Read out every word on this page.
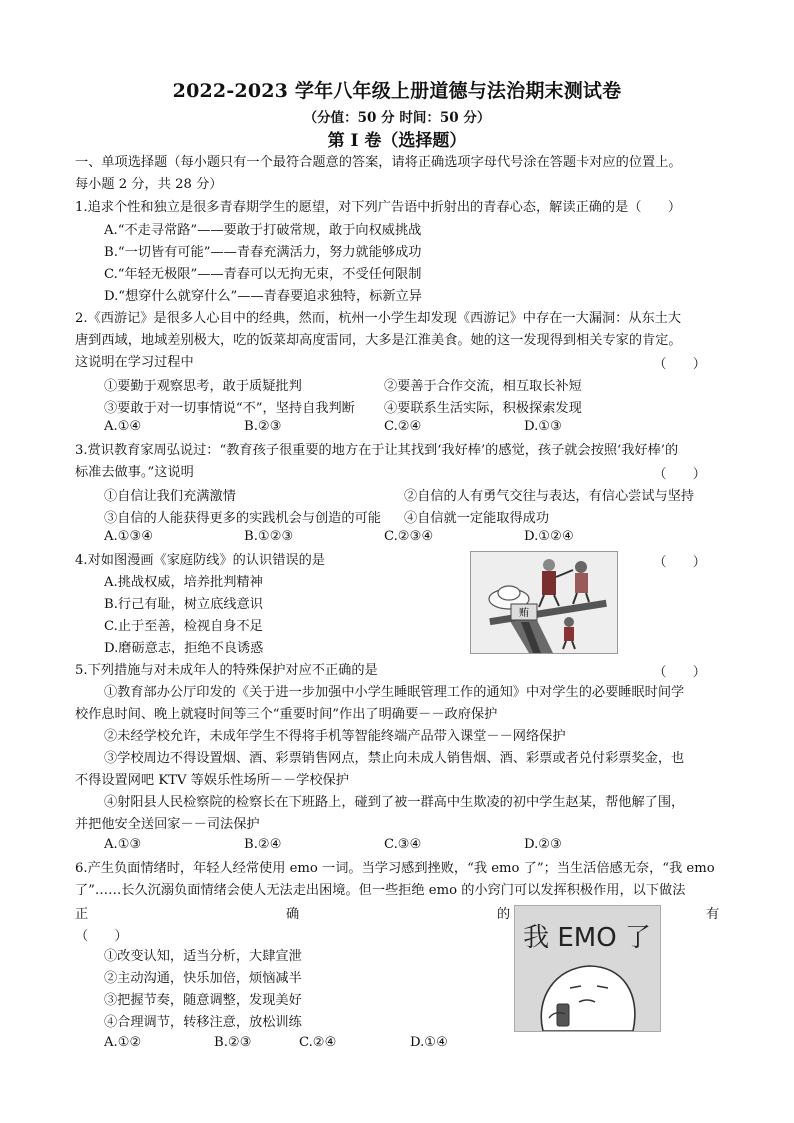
2022-2023 学年八年级上册道德与法治期末测试卷
（分值：50 分 时间：50 分）
第 Ⅰ 卷（选择题）
一、单项选择题（每小题只有一个最符合题意的答案，请将正确选项字母代号涂在答题卡对应的位置上。
每小题 2 分，共 28 分）
1.追求个性和独立是很多青春期学生的愿望，对下列广告语中折射出的青春心态，解读正确的是（　　）
A.“不走寻常路”——要敢于打破常规，敢于向权威挑战
B.“一切皆有可能”——青春充满活力，努力就能够成功
C.“年轻无极限”——青春可以无拘无束，不受任何限制
D.“想穿什么就穿什么”——青春要追求独特，标新立异
2.《西游记》是很多人心目中的经典，然而，杭州一小学生却发现《西游记》中存在一大漏洞：从东土大
唐到西域，地域差别极大，吃的饭菜却高度雷同，大多是江淮美食。她的这一发现得到相关专家的肯定。
这说明在学习过程中	（　　）
①要勤于观察思考，敢于质疑批判	②要善于合作交流，相互取长补短
③要敢于对一切事情说“不”，坚持自我判断 ④要联系生活实际，积极探索发现
A.①④	B.②③	C.②④	D.①③
3.赏识教育家周弘说过：“教育孩子很重要的地方在于让其找到‘我好棒’的感觉，孩子就会按照‘我好棒’的
标准去做事。”这说明	（　　）
①自信让我们充满激情	②自信的人有勇气交往与表达，有信心尝试与坚持
③自信的人能获得更多的实践机会与创造的可能 ④自信就一定能取得成功
A.①③④	B.①②③	C.②③④	D.①②④
4.对如图漫画《家庭防线》的认识错误的是	（　　）
A.挑战权威，培养批判精神
B.行己有耻，树立底线意识
C.止于至善，检视自身不足
D.磨砺意志，拒绝不良诱惑
贿
5.下列措施与对未成年人的特殊保护对应不正确的是	（　　）
①教育部办公厅印发的《关于进一步加强中小学生睡眠管理工作的通知》中对学生的必要睡眠时间学
校作息时间、晚上就寝时间等三个“重要时间”作出了明确要－－政府保护
②未经学校允许，未成年学生不得将手机等智能终端产品带入课堂－－网络保护
③学校周边不得设置烟、酒、彩票销售网点，禁止向未成人销售烟、酒、彩票或者兑付彩票奖金，也
不得设置网吧 KTV 等娱乐性场所－－学校保护
④射阳县人民检察院的检察长在下班路上，碰到了被一群高中生欺凌的初中学生赵某，帮他解了围，
并把他安全送回家－－司法保护
A.①③	B.②④	C.③④	D.②③
6.产生负面情绪时，年轻人经常使用 emo 一词。当学习感到挫败，“我 emo 了”；当生活倍感无奈，“我 emo
了”……长久沉溺负面情绪会使人无法走出困境。但一些拒绝 emo 的小窍门可以发挥积极作用，以下做法
正	确	的	有
（　　）
①改变认知，适当分析，大肆宣泄
②主动沟通，快乐加倍，烦恼减半
③把握节奏，随意调整，发现美好
④合理调节，转移注意，放松训练
A.①②	B.②③	C.②④	D.①④
我 EMO 了
